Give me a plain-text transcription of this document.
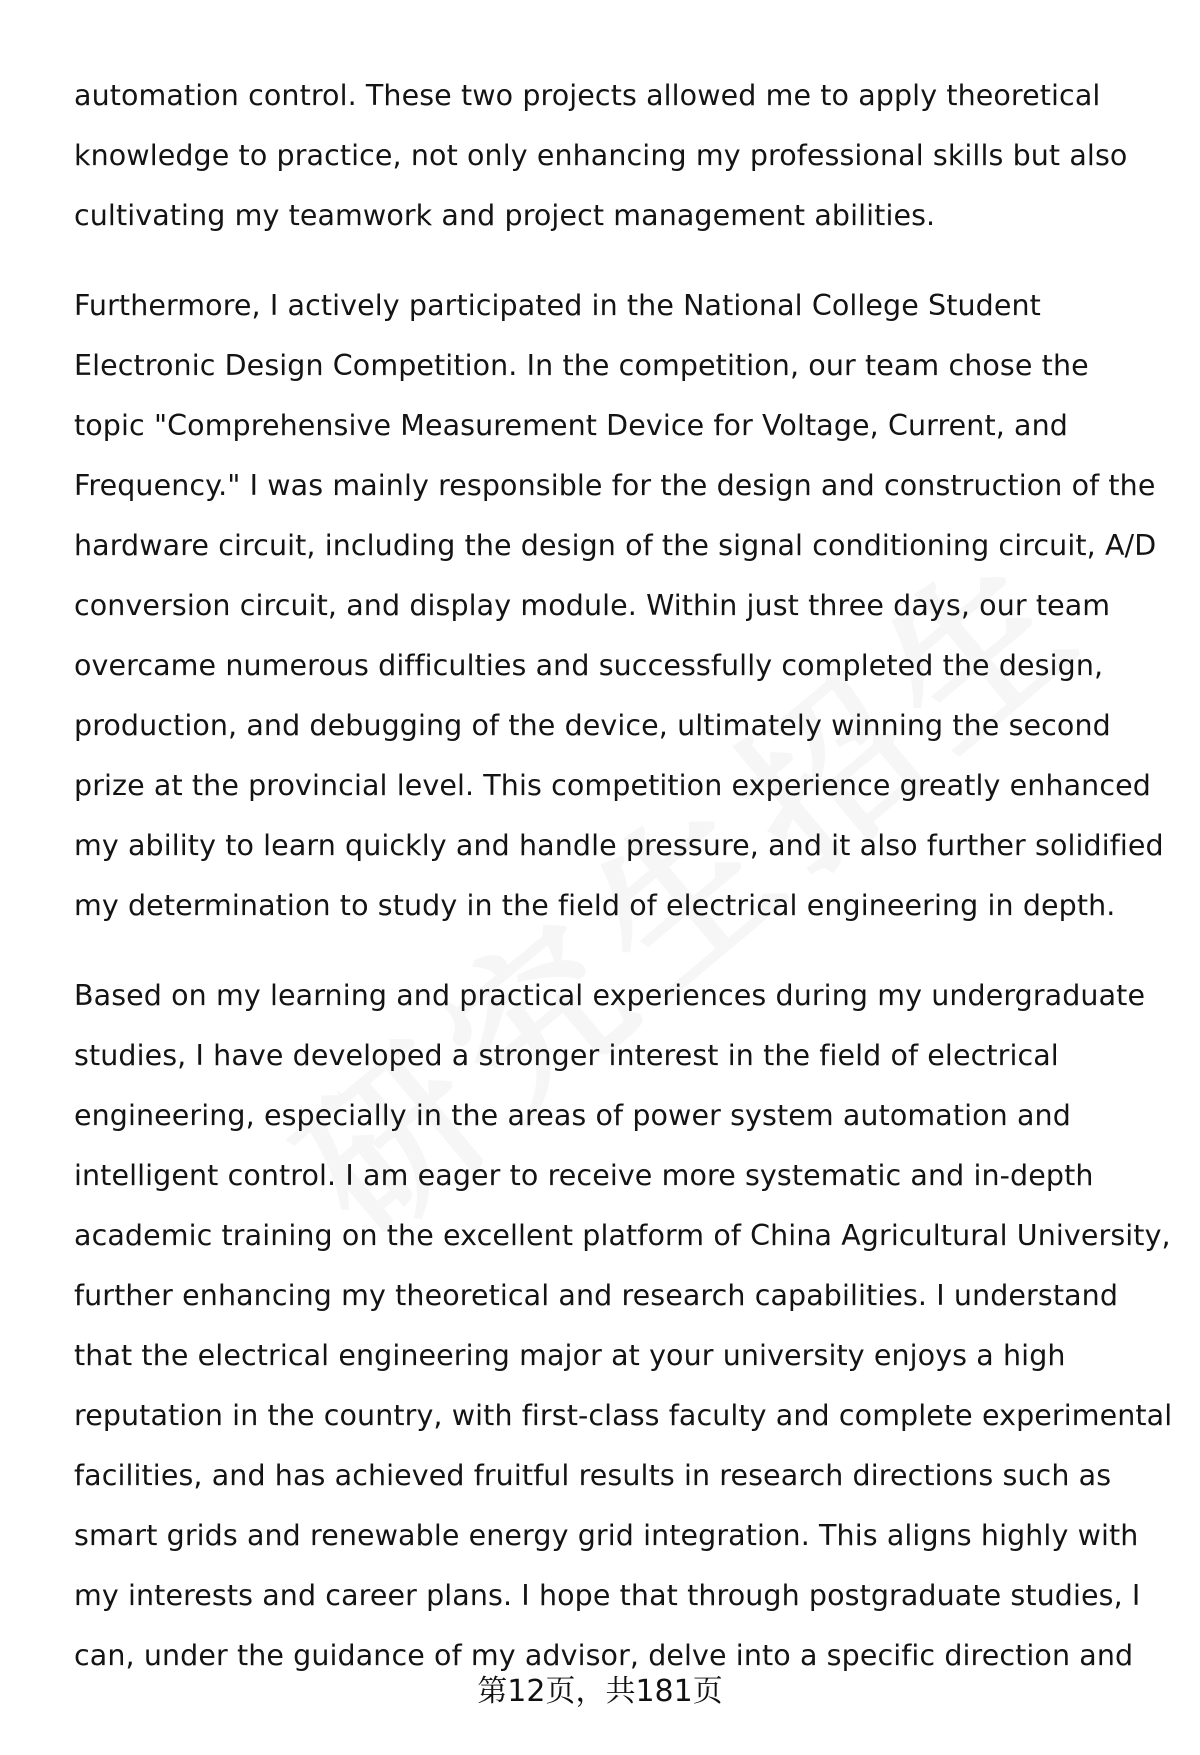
automation control. These two projects allowed me to apply theoretical
knowledge to practice, not only enhancing my professional skills but also
cultivating my teamwork and project management abilities.

Furthermore, I actively participated in the National College Student
Electronic Design Competition. In the competition, our team chose the
topic "Comprehensive Measurement Device for Voltage, Current, and
Frequency." I was mainly responsible for the design and construction of the
hardware circuit, including the design of the signal conditioning circuit, A/D
conversion circuit, and display module. Within just three days, our team
overcame numerous difficulties and successfully completed the design,
production, and debugging of the device, ultimately winning the second
prize at the provincial level. This competition experience greatly enhanced
my ability to learn quickly and handle pressure, and it also further solidified
my determination to study in the field of electrical engineering in depth.

Based on my learning and practical experiences during my undergraduate
studies, I have developed a stronger interest in the field of electrical
engineering, especially in the areas of power system automation and
intelligent control. I am eager to receive more systematic and in-depth
academic training on the excellent platform of China Agricultural University,
further enhancing my theoretical and research capabilities. I understand
that the electrical engineering major at your university enjoys a high
reputation in the country, with first-class faculty and complete experimental
facilities, and has achieved fruitful results in research directions such as
smart grids and renewable energy grid integration. This aligns highly with
my interests and career plans. I hope that through postgraduate studies, I
can, under the guidance of my advisor, delve into a specific direction and

第12页，共181页
